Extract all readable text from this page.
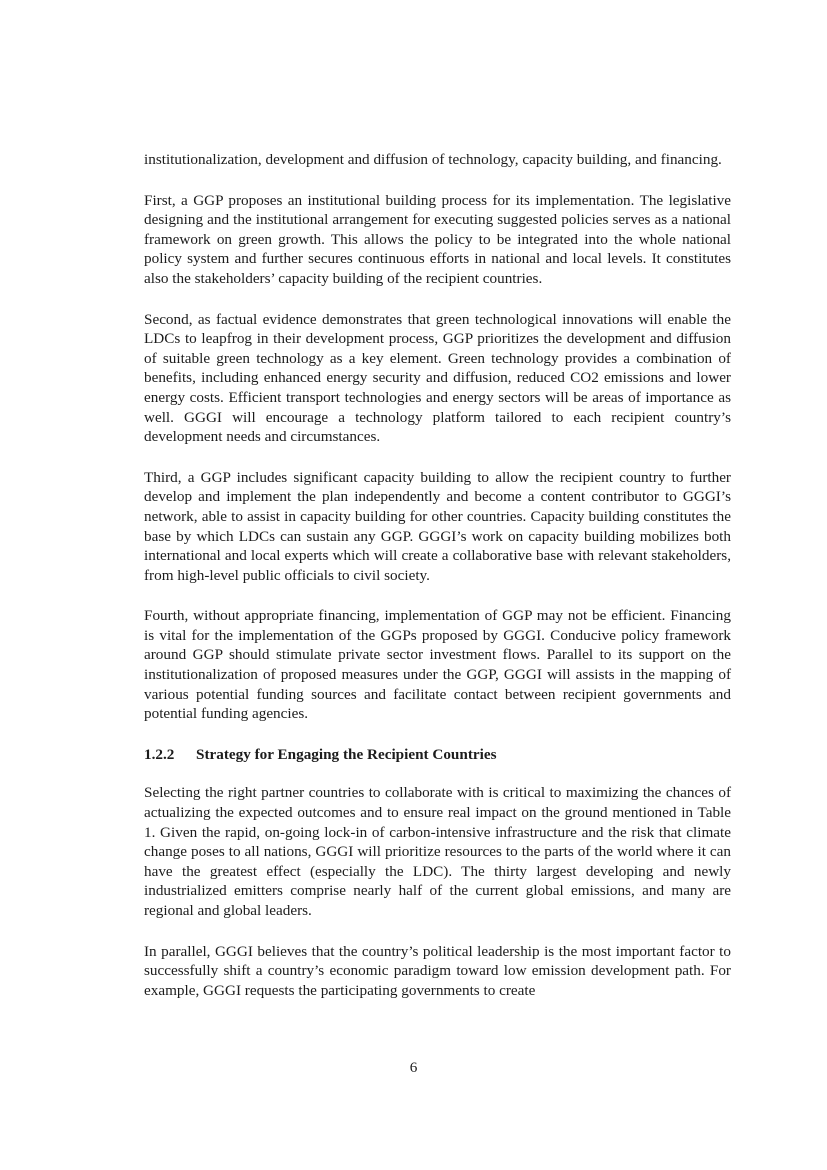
institutionalization, development and diffusion of technology, capacity building, and financing.

First, a GGP proposes an institutional building process for its implementation. The legislative designing and the institutional arrangement for executing suggested policies serves as a national framework on green growth. This allows the policy to be integrated into the whole national policy system and further secures continuous efforts in national and local levels. It constitutes also the stakeholders’ capacity building of the recipient countries.

Second, as factual evidence demonstrates that green technological innovations will enable the LDCs to leapfrog in their development process, GGP prioritizes the development and diffusion of suitable green technology as a key element. Green technology provides a combination of benefits, including enhanced energy security and diffusion, reduced CO2 emissions and lower energy costs. Efficient transport technologies and energy sectors will be areas of importance as well. GGGI will encourage a technology platform tailored to each recipient country’s development needs and circumstances.

Third, a GGP includes significant capacity building to allow the recipient country to further develop and implement the plan independently and become a content contributor to GGGI’s network, able to assist in capacity building for other countries. Capacity building constitutes the base by which LDCs can sustain any GGP. GGGI’s work on capacity building mobilizes both international and local experts which will create a collaborative base with relevant stakeholders, from high-level public officials to civil society.

Fourth, without appropriate financing, implementation of GGP may not be efficient. Financing is vital for the implementation of the GGPs proposed by GGGI. Conducive policy framework around GGP should stimulate private sector investment flows. Parallel to its support on the institutionalization of proposed measures under the GGP, GGGI will assists in the mapping of various potential funding sources and facilitate contact between recipient governments and potential funding agencies.

1.2.2	Strategy for Engaging the Recipient Countries

Selecting the right partner countries to collaborate with is critical to maximizing the chances of actualizing the expected outcomes and to ensure real impact on the ground mentioned in Table 1. Given the rapid, on-going lock-in of carbon-intensive infrastructure and the risk that climate change poses to all nations, GGGI will prioritize resources to the parts of the world where it can have the greatest effect (especially the LDC). The thirty largest developing and newly industrialized emitters comprise nearly half of the current global emissions, and many are regional and global leaders.

In parallel, GGGI believes that the country’s political leadership is the most important factor to successfully shift a country’s economic paradigm toward low emission development path. For example, GGGI requests the participating governments to create

6
